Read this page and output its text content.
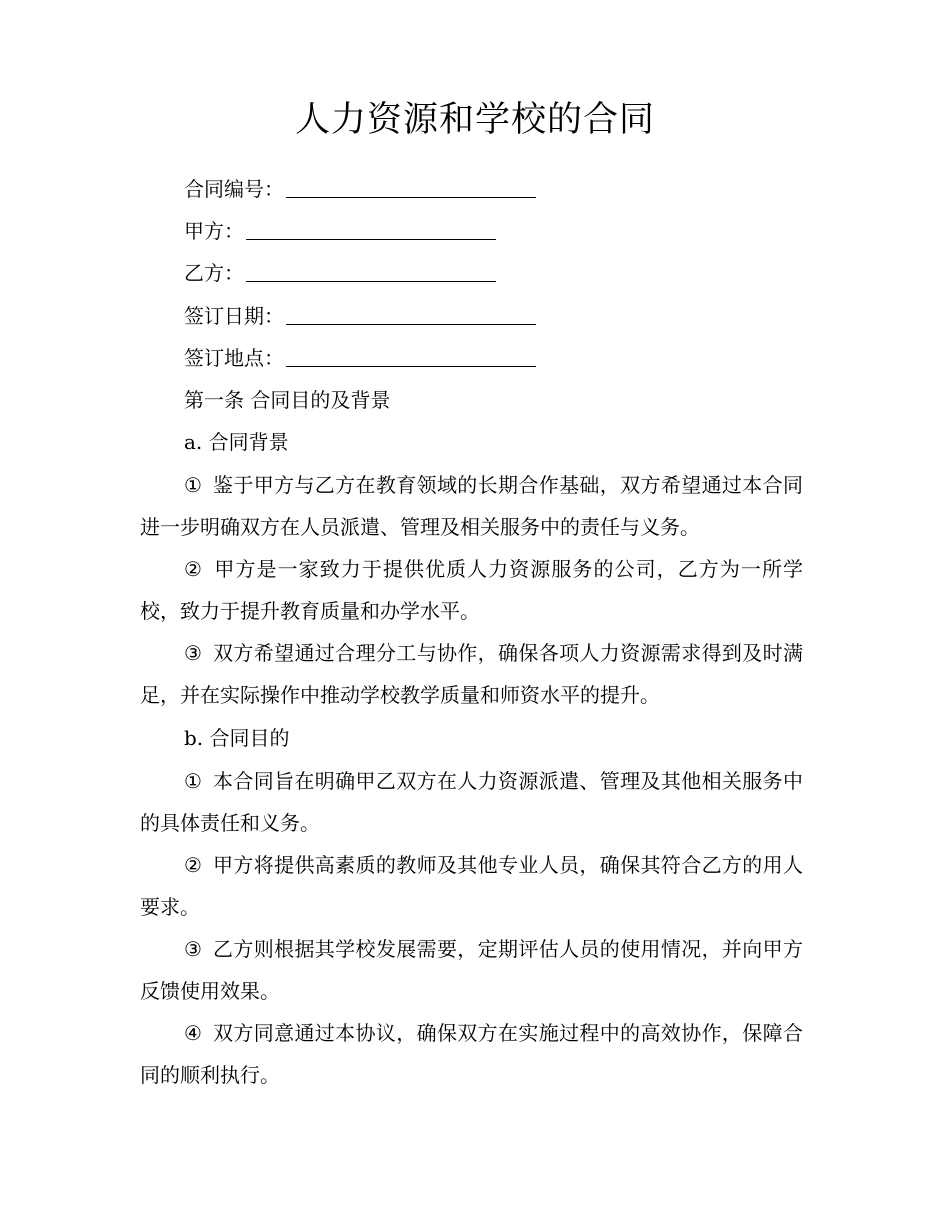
人力资源和学校的合同
合同编号：
甲方：
乙方：
签订日期：
签订地点：
第一条 合同目的及背景
a. 合同背景

① 鉴于甲方与乙方在教育领域的长期合作基础，双方希望通过本合同进一步明确双方在人员派遣、管理及相关服务中的责任与义务。

② 甲方是一家致力于提供优质人力资源服务的公司，乙方为一所学校，致力于提升教育质量和办学水平。

③ 双方希望通过合理分工与协作，确保各项人力资源需求得到及时满足，并在实际操作中推动学校教学质量和师资水平的提升。

b. 合同目的

① 本合同旨在明确甲乙双方在人力资源派遣、管理及其他相关服务中的具体责任和义务。

② 甲方将提供高素质的教师及其他专业人员，确保其符合乙方的用人要求。

③ 乙方则根据其学校发展需要，定期评估人员的使用情况，并向甲方反馈使用效果。

④ 双方同意通过本协议，确保双方在实施过程中的高效协作，保障合同的顺利执行。
